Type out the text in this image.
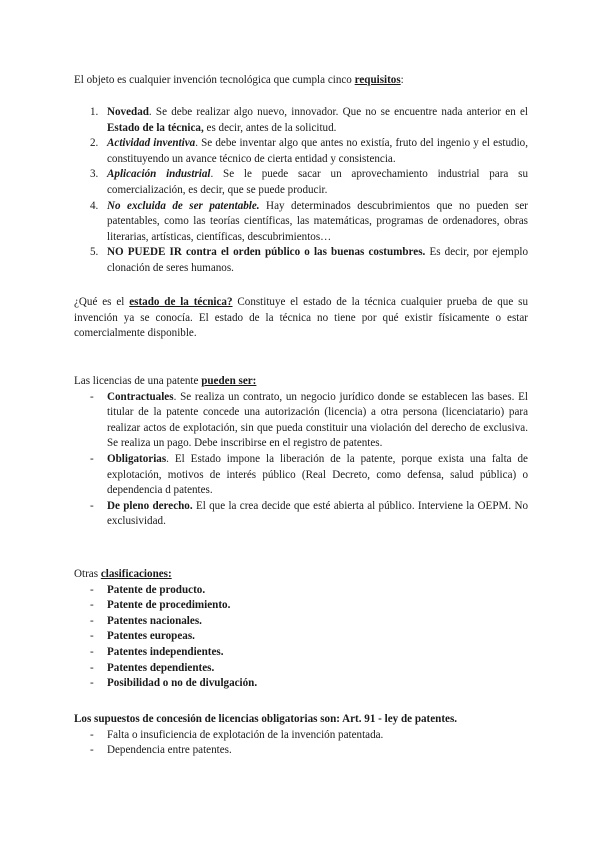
El objeto es cualquier invención tecnológica que cumpla cinco requisitos:

1. Novedad. Se debe realizar algo nuevo, innovador. Que no se encuentre nada anterior en el Estado de la técnica, es decir, antes de la solicitud.
2. Actividad inventiva. Se debe inventar algo que antes no existía, fruto del ingenio y el estudio, constituyendo un avance técnico de cierta entidad y consistencia.
3. Aplicación industrial. Se le puede sacar un aprovechamiento industrial para su comercialización, es decir, que se puede producir.
4. No excluida de ser patentable. Hay determinados descubrimientos que no pueden ser patentables, como las teorías científicas, las matemáticas, programas de ordenadores, obras literarias, artísticas, científicas, descubrimientos…
5. NO PUEDE IR contra el orden público o las buenas costumbres. Es decir, por ejemplo clonación de seres humanos.

¿Qué es el estado de la técnica? Constituye el estado de la técnica cualquier prueba de que su invención ya se conocía. El estado de la técnica no tiene por qué existir físicamente o estar comercialmente disponible.

Las licencias de una patente pueden ser:

- Contractuales. Se realiza un contrato, un negocio jurídico donde se establecen las bases. El titular de la patente concede una autorización (licencia) a otra persona (licenciatario) para realizar actos de explotación, sin que pueda constituir una violación del derecho de exclusiva. Se realiza un pago. Debe inscribirse en el registro de patentes.
- Obligatorias. El Estado impone la liberación de la patente, porque exista una falta de explotación, motivos de interés público (Real Decreto, como defensa, salud pública) o dependencia d patentes.
- De pleno derecho. El que la crea decide que esté abierta al público. Interviene la OEPM. No exclusividad.

Otras clasificaciones:

- Patente de producto.
- Patente de procedimiento.
- Patentes nacionales.
- Patentes europeas.
- Patentes independientes.
- Patentes dependientes.
- Posibilidad o no de divulgación.

Los supuestos de concesión de licencias obligatorias son: Art. 91 - ley de patentes.

- Falta o insuficiencia de explotación de la invención patentada.
- Dependencia entre patentes.
